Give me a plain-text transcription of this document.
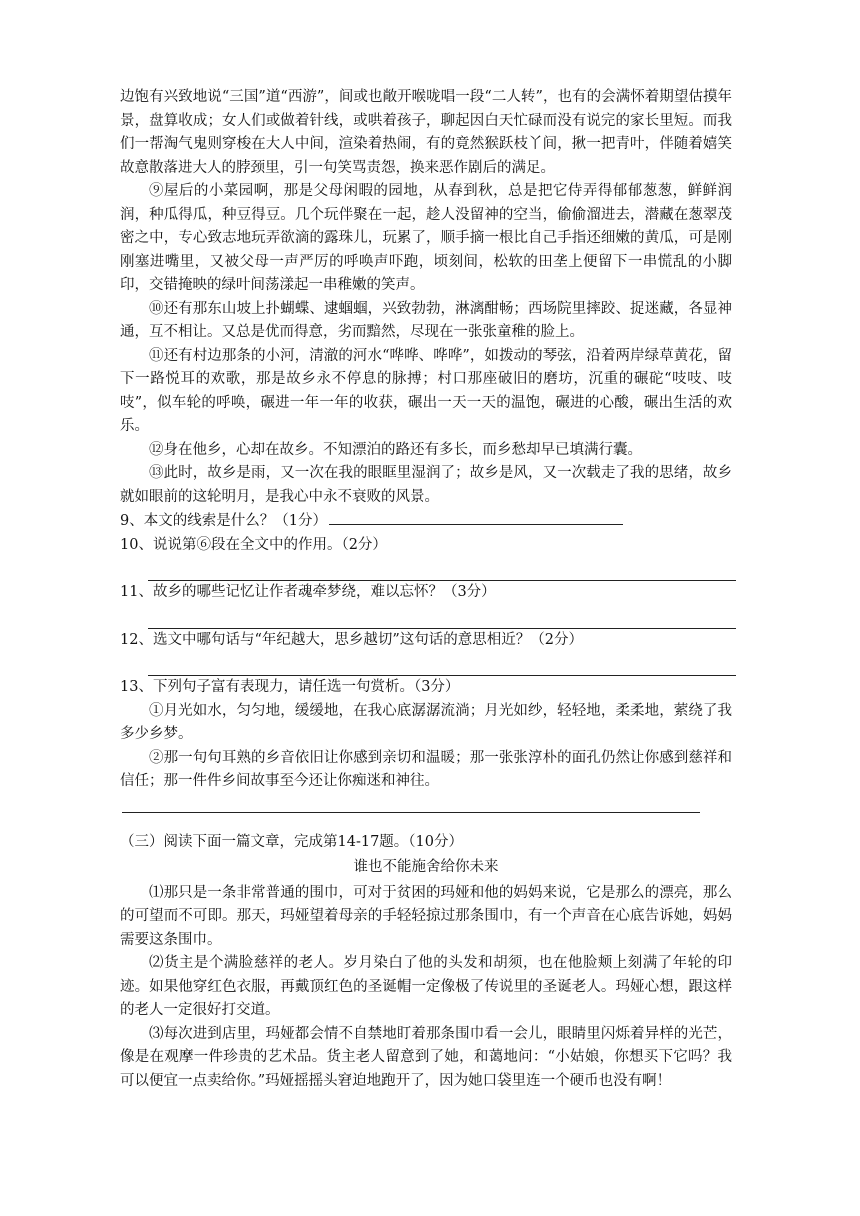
边饱有兴致地说“三国”道“西游”，间或也敞开喉咙唱一段“二人转”，也有的会满怀着期望估摸年景，盘算收成；女人们或做着针线，或哄着孩子，聊起因白天忙碌而没有说完的家长里短。而我们一帮淘气鬼则穿梭在大人中间，渲染着热闹，有的竟然猴跃枝丫间，揪一把青叶，伴随着嬉笑故意散落进大人的脖颈里，引一句笑骂责怨，换来恶作剧后的满足。

⑨屋后的小菜园啊，那是父母闲暇的园地，从春到秋，总是把它侍弄得郁郁葱葱，鲜鲜润润，种瓜得瓜，种豆得豆。几个玩伴聚在一起，趁人没留神的空当，偷偷溜进去，潜藏在葱翠茂密之中，专心致志地玩弄欲滴的露珠儿，玩累了，顺手摘一根比自己手指还细嫩的黄瓜，可是刚刚塞进嘴里，又被父母一声严厉的呼唤声吓跑，顷刻间，松软的田垄上便留下一串慌乱的小脚印，交错掩映的绿叶间荡漾起一串稚嫩的笑声。

⑩还有那东山坡上扑蝴蝶、逮蝈蝈，兴致勃勃，淋漓酣畅；西场院里摔跤、捉迷藏，各显神通，互不相让。又总是优而得意，劣而黯然，尽现在一张张童稚的脸上。

⑪还有村边那条的小河，清澈的河水“哗哗、哗哗”，如拨动的琴弦，沿着两岸绿草黄花，留下一路悦耳的欢歌，那是故乡永不停息的脉搏；村口那座破旧的磨坊，沉重的碾砣“吱吱、吱吱”，似车轮的呼唤，碾进一年一年的收获，碾出一天一天的温饱，碾进的心酸，碾出生活的欢乐。

⑫身在他乡，心却在故乡。不知漂泊的路还有多长，而乡愁却早已填满行囊。

⑬此时，故乡是雨，又一次在我的眼眶里湿润了；故乡是风，又一次载走了我的思绪，故乡就如眼前的这轮明月，是我心中永不衰败的风景。

9、本文的线索是什么？（1分）

10、说说第⑥段在全文中的作用。（2分）

11、故乡的哪些记忆让作者魂牵梦绕，难以忘怀？（3分）

12、选文中哪句话与“年纪越大，思乡越切”这句话的意思相近？（2分）

13、下列句子富有表现力，请任选一句赏析。（3分）

①月光如水，匀匀地，缓缓地，在我心底潺潺流淌；月光如纱，轻轻地，柔柔地，萦绕了我多少乡梦。

②那一句句耳熟的乡音依旧让你感到亲切和温暖；那一张张淳朴的面孔仍然让你感到慈祥和信任；那一件件乡间故事至今还让你痴迷和神往。

（三）阅读下面一篇文章，完成第14-17题。（10分）

谁也不能施舍给你未来

⑴那只是一条非常普通的围巾，可对于贫困的玛娅和他的妈妈来说，它是那么的漂亮，那么的可望而不可即。那天，玛娅望着母亲的手轻轻掠过那条围巾，有一个声音在心底告诉她，妈妈需要这条围巾。

⑵货主是个满脸慈祥的老人。岁月染白了他的头发和胡须，也在他脸颊上刻满了年轮的印迹。如果他穿红色衣服，再戴顶红色的圣诞帽一定像极了传说里的圣诞老人。玛娅心想，跟这样的老人一定很好打交道。

⑶每次进到店里，玛娅都会情不自禁地盯着那条围巾看一会儿，眼睛里闪烁着异样的光芒，像是在观摩一件珍贵的艺术品。货主老人留意到了她，和蔼地问：“小姑娘，你想买下它吗？我可以便宜一点卖给你。”玛娅摇摇头窘迫地跑开了，因为她口袋里连一个硬币也没有啊！
